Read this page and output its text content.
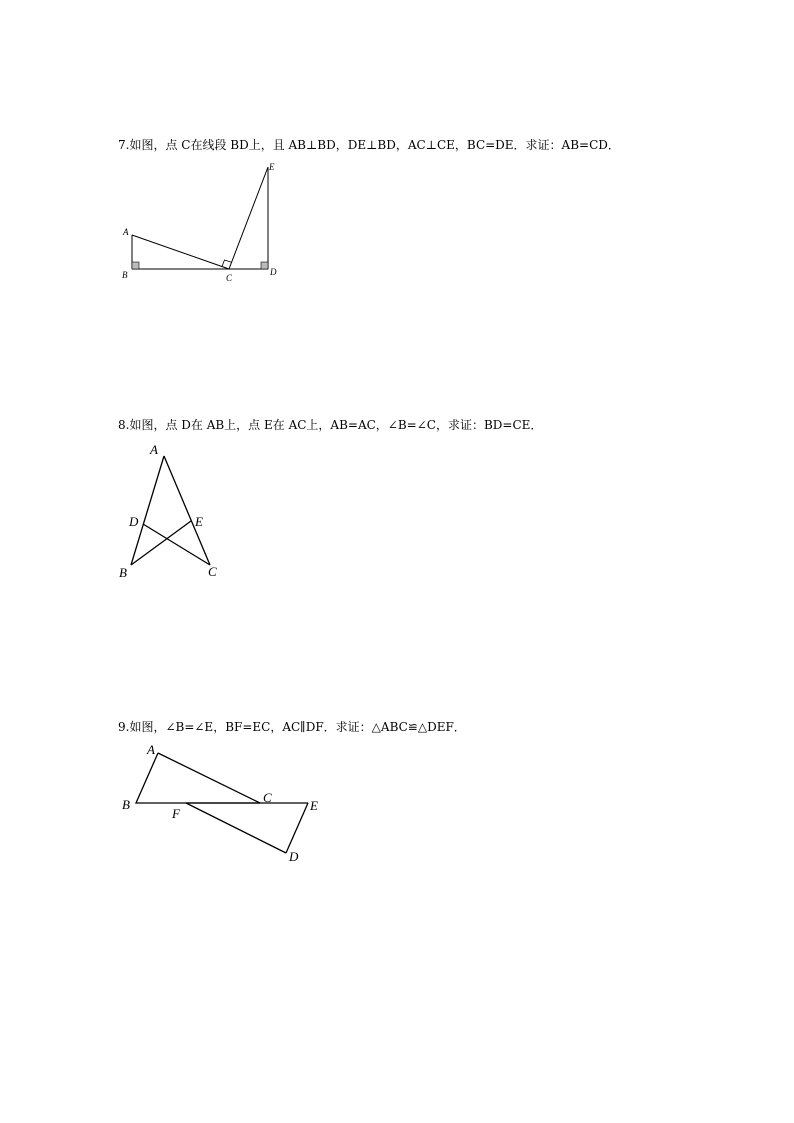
7.如图，点 C在线段 BD上，且 AB⊥BD，DE⊥BD，AC⊥CE，BC=DE．求证：AB=CD．
A
B	C
D
E
8.如图，点 D在 AB上，点 E在 AC上，AB=AC，∠B=∠C，求证：BD=CE．
A
B	C
D	E
9.如图，∠B=∠E，BF=EC，AC∥DF．求证：△ABC≌△DEF．
A
B	C
D
E
F
